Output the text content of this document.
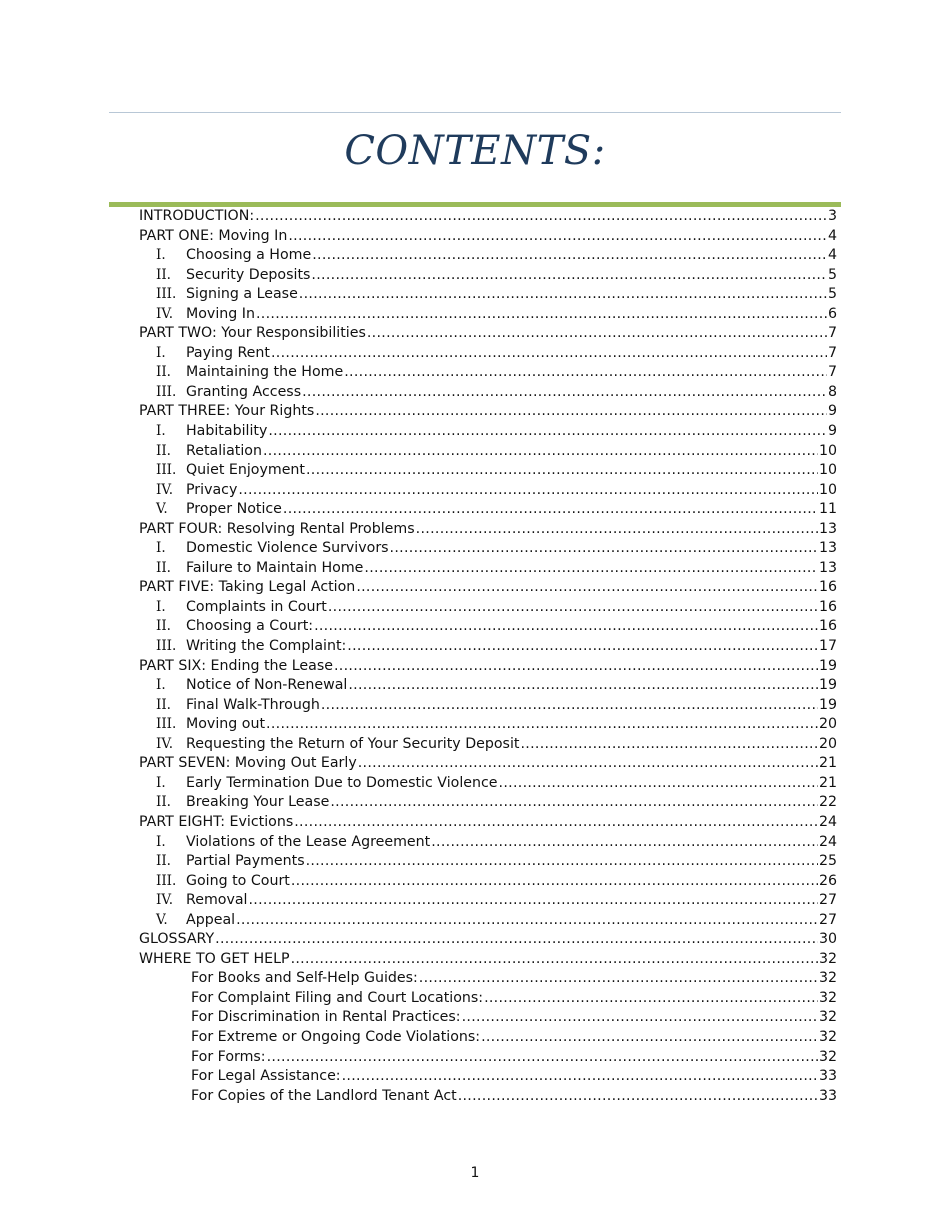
CONTENTS:
INTRODUCTION: .....	3
PART ONE: Moving In .....	4
I.	Choosing a Home .....	4
II.	Security Deposits .....	5
III. Signing a Lease .....	5
IV. Moving In .....	6
PART TWO: Your Responsibilities .....	7
I.	Paying Rent .....	7
II.	Maintaining the Home .....	7
III. Granting Access .....	8
PART THREE: Your Rights .....	9
I.	Habitability .....	9
II.	Retaliation .....	10
III. Quiet Enjoyment .....	10
IV. Privacy .....	10
V.	Proper Notice .....	11
PART FOUR: Resolving Rental Problems .....	13
I.	Domestic Violence Survivors .....	13
II.	Failure to Maintain Home .....	13
PART FIVE: Taking Legal Action .....	16
I.	Complaints in Court .....	16
II.	Choosing a Court: .....	16
III. Writing the Complaint: .....	17
PART SIX: Ending the Lease .....	19
I.	Notice of Non-Renewal .....	19
II.	Final Walk-Through .....	19
III. Moving out .....	20
IV. Requesting the Return of Your Security Deposit .....	20
PART SEVEN: Moving Out Early .....	21
I.	Early Termination Due to Domestic Violence .....	21
II.	Breaking Your Lease .....	22
PART EIGHT: Evictions .....	24
I.	Violations of the Lease Agreement .....	24
II.	Partial Payments .....	25
III. Going to Court .....	26
IV. Removal .....	27
V.	Appeal .....	27
GLOSSARY .....	30
WHERE TO GET HELP .....	32
For Books and Self-Help Guides: .....	32
For Complaint Filing and Court Locations: .....	32
For Discrimination in Rental Practices: .....	32
For Extreme or Ongoing Code Violations: .....	32
For Forms: .....	32
For Legal Assistance: .....	33
For Copies of the Landlord Tenant Act .....	33
1
